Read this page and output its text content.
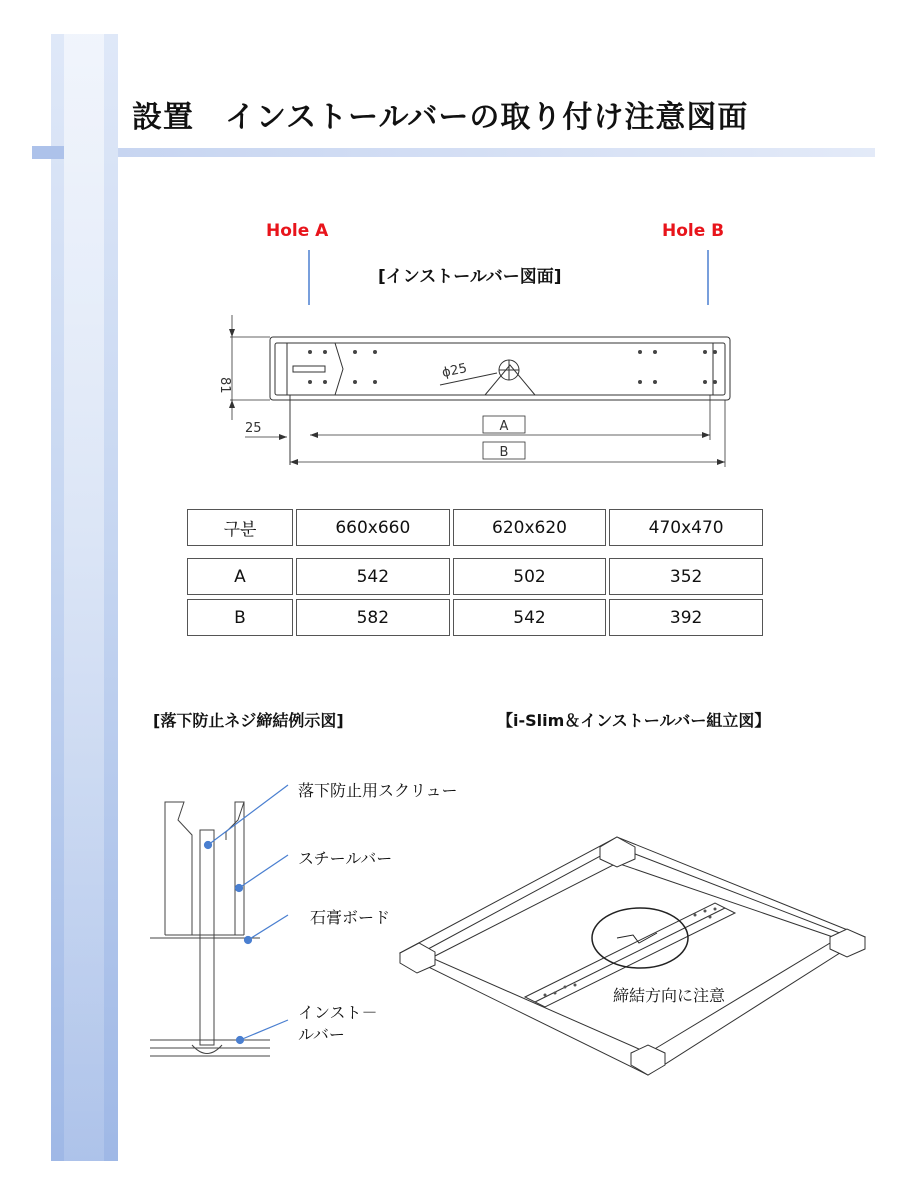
設置　インストールバーの取り付け注意図面
Hole A	Hole B
[インストールバー図面]
ϕ25
81
25	A
B
구분	660x660	620x620	470x470

A	542	502	352
B	582	542	392
[落下防止ネジ締結例示図]	【i-Slim＆インストールバー組立図】
落下防止用スクリュー
スチールバー
石膏ボード
インスト－
ルバー
締結方向に注意
